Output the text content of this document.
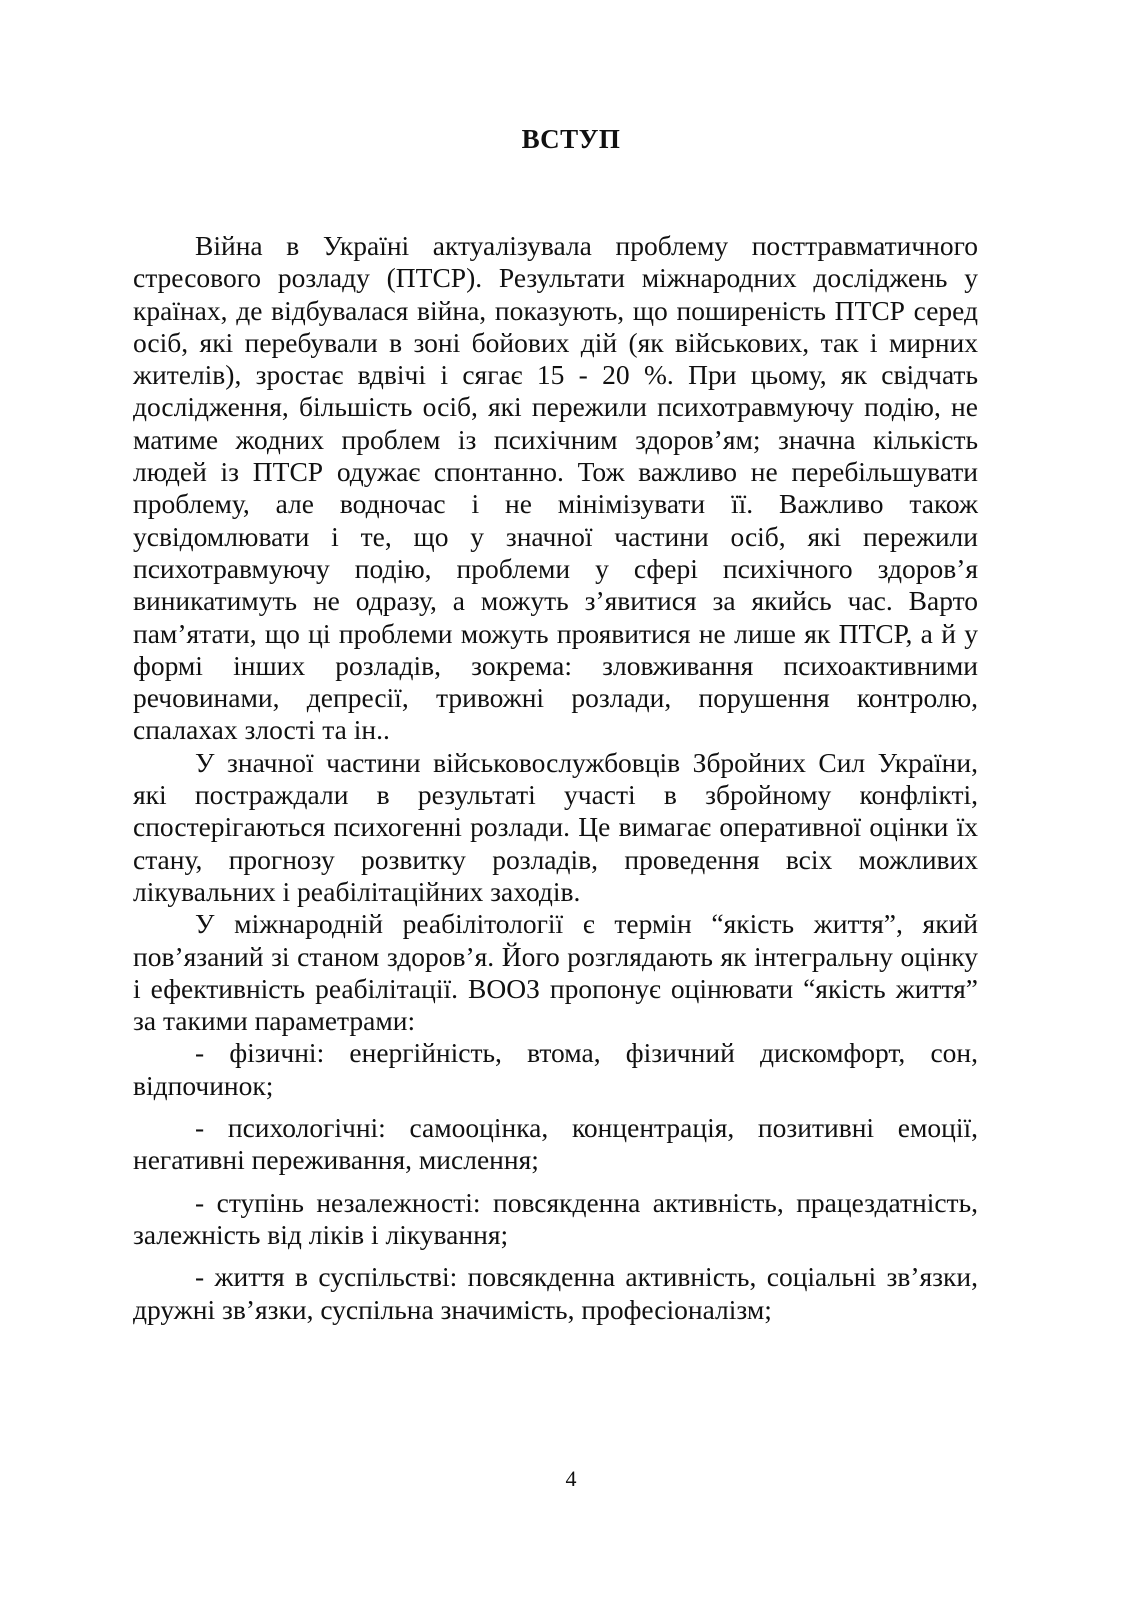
ВСТУП

Війна в Україні актуалізувала проблему посттравматичного стресового розладу (ПТСР). Результати міжнародних досліджень у країнах, де відбувалася війна, показують, що поширеність ПТСР серед осіб, які перебували в зоні бойових дій (як військових, так і мирних жителів), зростає вдвічі і сягає 15 - 20 %. При цьому, як свідчать дослідження, більшість осіб, які пережили психотравмуючу подію, не матиме жодних проблем із психічним здоров’ям; значна кількість людей із ПТСР одужає спонтанно. Тож важливо не перебільшувати проблему, але водночас і не мінімізувати її. Важливо також усвідомлювати і те, що у значної частини осіб, які пережили психотравмуючу подію, проблеми у сфері психічного здоров’я виникатимуть не одразу, а можуть з’явитися за якийсь час. Варто пам’ятати, що ці проблеми можуть проявитися не лише як ПТСР, а й у формі інших розладів, зокрема: зловживання психоактивними речовинами, депресії, тривожні розлади, порушення контролю, спалахах злості та ін..

У значної частини військовослужбовців Збройних Сил України, які постраждали в результаті участі в збройному конфлікті, спостерігаються психогенні розлади. Це вимагає оперативної оцінки їх стану, прогнозу розвитку розладів, проведення всіх можливих лікувальних і реабілітаційних заходів.

У міжнародній реабілітології є термін “якість життя”, який пов’язаний зі станом здоров’я. Його розглядають як інтегральну оцінку і ефективність реабілітації. ВООЗ пропонує оцінювати “якість життя” за такими параметрами:

- фізичні: енергійність, втома, фізичний дискомфорт, сон, відпочинок;

- психологічні: самооцінка, концентрація, позитивні емоції, негативні переживання, мислення;

- ступінь незалежності: повсякденна активність, працездатність, залежність від ліків і лікування;

- життя в суспільстві: повсякденна активність, соціальні зв’язки, дружні зв’язки, суспільна значимість, професіоналізм;

4
